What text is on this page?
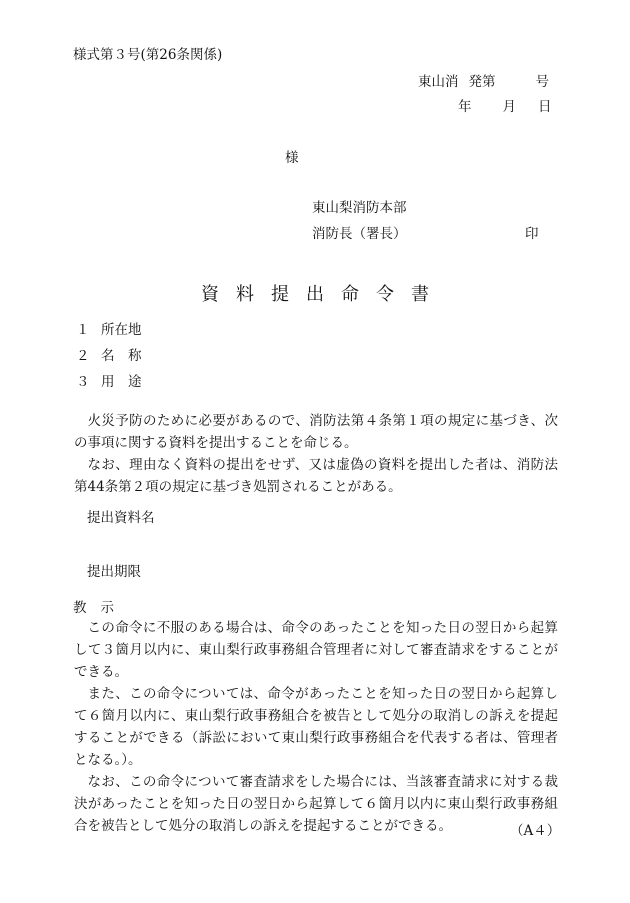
様式第３号(第26条関係)
東山消 発第	号
年 月 日
様
東山梨消防本部
消防長（署長）	印
資料提出命令書
１ 所在地
２ 名　称
３ 用　途

火災予防のために必要があるので、消防法第４条第１項の規定に基づき、次の事項に関する資料を提出することを命じる。

なお、理由なく資料の提出をせず、又は虚偽の資料を提出した者は、消防法第44条第２項の規定に基づき処罰されることがある。

提出資料名
提出期限
教 示

この命令に不服のある場合は、命令のあったことを知った日の翌日から起算して３箇月以内に、東山梨行政事務組合管理者に対して審査請求をすることができる。

また、この命令については、命令があったことを知った日の翌日から起算して６箇月以内に、東山梨行政事務組合を被告として処分の取消しの訴えを提起することができる（訴訟において東山梨行政事務組合を代表する者は、管理者となる。）。

なお、この命令について審査請求をした場合には、当該審査請求に対する裁決があったことを知った日の翌日から起算して６箇月以内に東山梨行政事務組合を被告として処分の取消しの訴えを提起することができる。	（A４）
